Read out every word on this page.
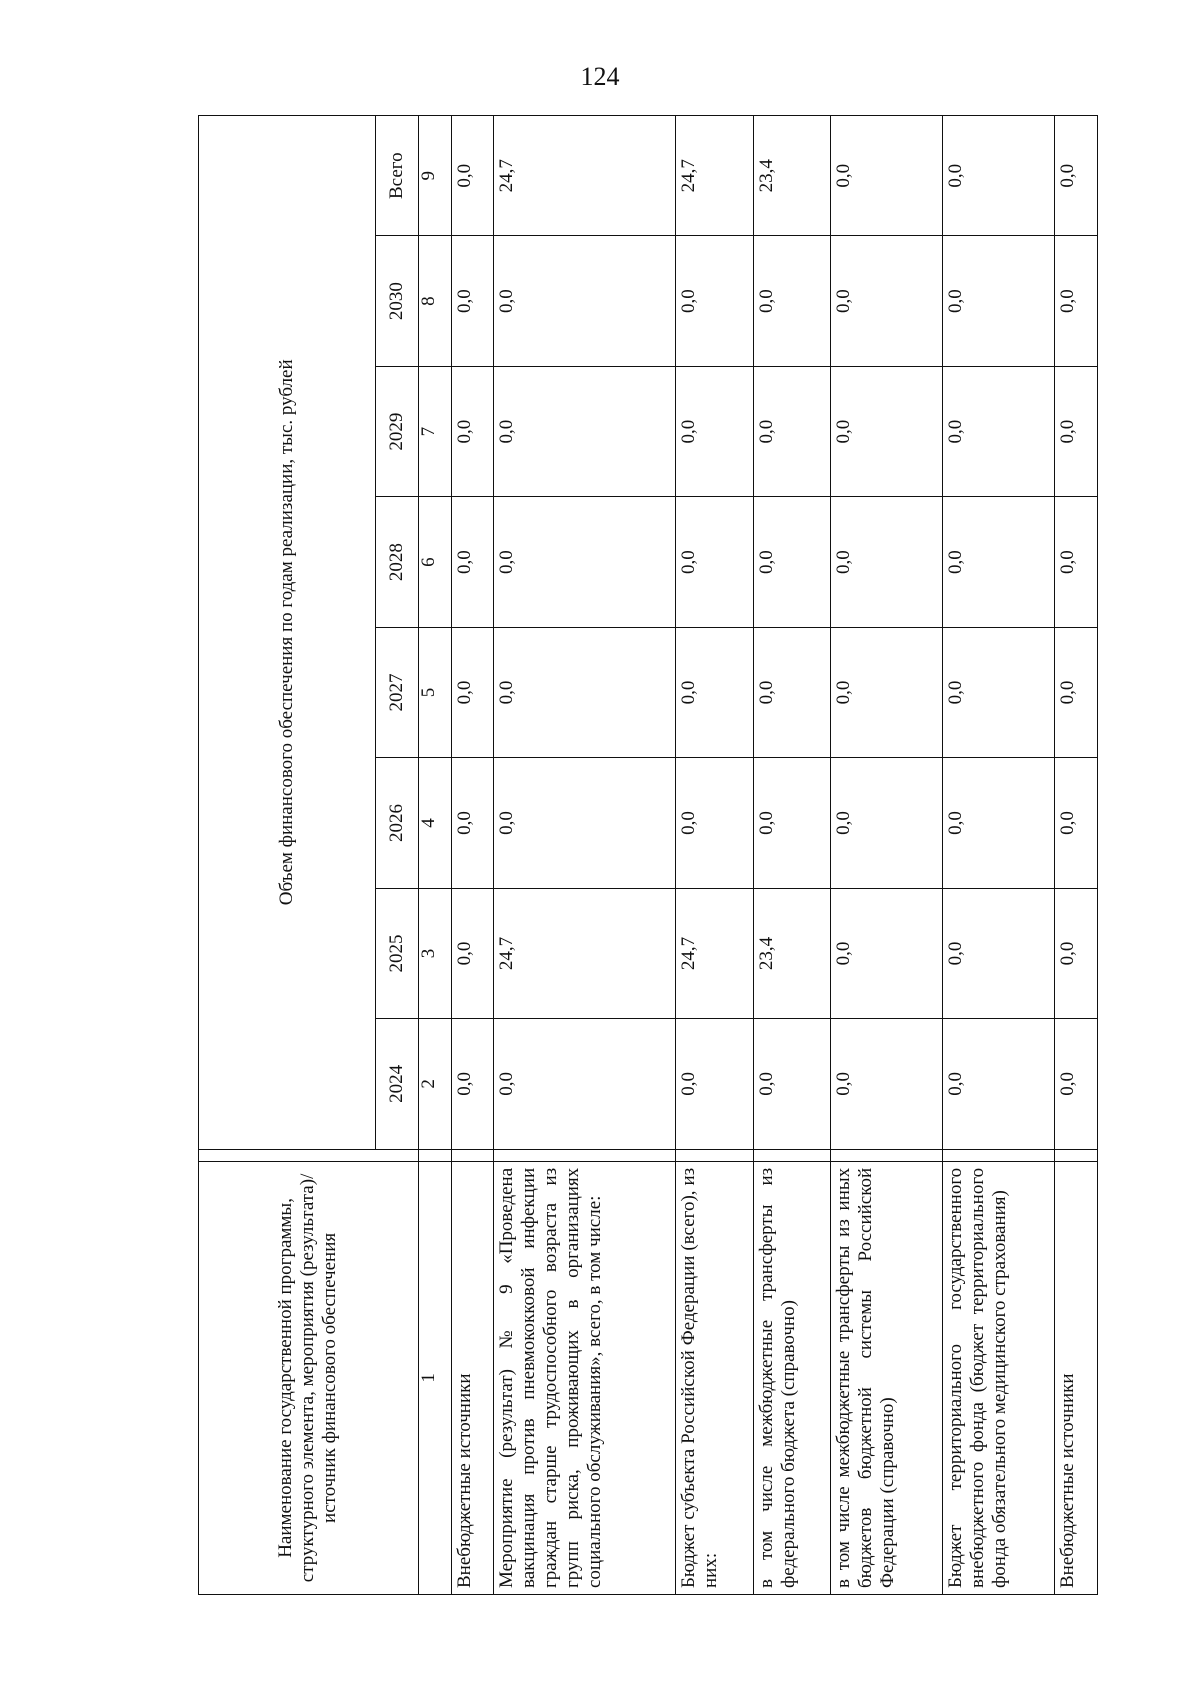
124
Наименование государственной программы, структурного элемента, мероприятия (результата)/источник финансового обеспечения		Объем финансового обеспечения по годам реализации, тыс. рублей							
		2024	2025	2026	2027	2028	2029	2030	Всего
1		2	3	4	5	6	7	8	9
Внебюджетные источники		0,0	0,0	0,0	0,0	0,0	0,0	0,0	0,0
Мероприятие (результат) № 9 «Проведена вакцинация против пневмококковой инфекции граждан старше трудоспособного возраста из групп риска, проживающих в организациях социального обслуживания», всего, в том числе:		0,0	24,7	0,0	0,0	0,0	0,0	0,0	24,7
Бюджет субъекта Российской Федерации (всего), из них:		0,0	24,7	0,0	0,0	0,0	0,0	0,0	24,7
в том числе межбюджетные трансферты из федерального бюджета (справочно)		0,0	23,4	0,0	0,0	0,0	0,0	0,0	23,4
в том числе межбюджетные трансферты из иных бюджетов бюджетной системы Российской Федерации (справочно)		0,0	0,0	0,0	0,0	0,0	0,0	0,0	0,0
Бюджет территориального государственного внебюджетного фонда (бюджет территориального фонда обязательного медицинского страхования)		0,0	0,0	0,0	0,0	0,0	0,0	0,0	0,0
Внебюджетные источники		0,0	0,0	0,0	0,0	0,0	0,0	0,0	0,0
